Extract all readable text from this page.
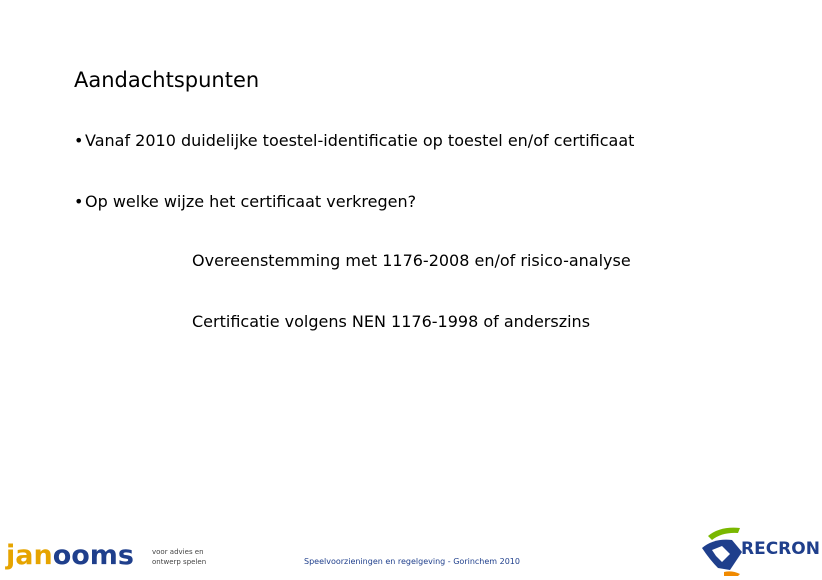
Aandachtspunten
•Vanaf 2010 duidelijke toestel-identificatie op toestel en/of certificaat
•Op welke wijze het certificaat verkregen?
Overeenstemming met 1176-2008 en/of risico-analyse
Certificatie volgens NEN 1176-1998 of anderszins
janooms	voor advies en
ontwerp spelen	Speelvoorzieningen en regelgeving - Gorinchem 2010
RECRON
